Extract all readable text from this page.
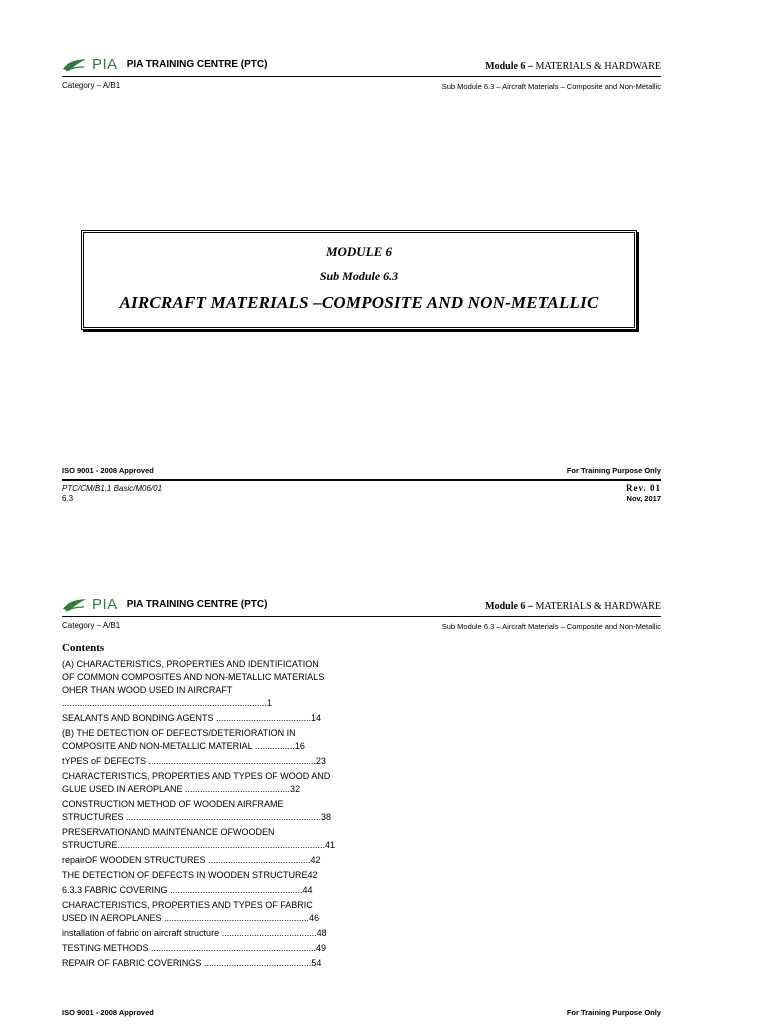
PIA PIA TRAINING CENTRE (PTC)	Module 6 – MATERIALS & HARDWARE
Category – A/B1	Sub Module 6.3 – Aircraft Materials – Composite and Non-Metallic
MODULE 6
Sub Module 6.3
AIRCRAFT MATERIALS –COMPOSITE AND NON-METALLIC
ISO 9001 - 2008 Approved	For Training Purpose Only
PTC/CM/B1.1 Basic/M06/01
6.3
Rev. 01
Nov, 2017
PIA PIA TRAINING CENTRE (PTC)	Module 6 – MATERIALS & HARDWARE
Category – A/B1	Sub Module 6.3 – Aircraft Materials – Composite and Non-Metallic
Contents
(A) CHARACTERISTICS, PROPERTIES AND IDENTIFICATION OF COMMON COMPOSITES AND NON-METALLIC MATERIALS OHER THAN WOOD USED IN AIRCRAFT ..................................................................................1
SEALANTS AND BONDING AGENTS ......................................14
(B) THE DETECTION OF DEFECTS/DETERIORATION IN COMPOSITE AND NON-METALLIC MATERIAL ................16
tYPES oF DEFECTS ...................................................................23
CHARACTERISTICS, PROPERTIES AND TYPES OF WOOD AND GLUE USED IN AEROPLANE ..........................................32
CONSTRUCTION METHOD OF WOODEN AIRFRAME STRUCTURES ..............................................................................38
PRESERVATIONAND MAINTENANCE OFWOODEN STRUCTURE...................................................................................41
repairOF WOODEN STRUCTURES .........................................42
THE DETECTION OF DEFECTS IN WOODEN STRUCTURE42
6.3.3 FABRIC COVERING .....................................................44
CHARACTERISTICS, PROPERTIES AND TYPES OF FABRIC USED IN AEROPLANES ..........................................................46
installation of fabric on aircraft structure ......................................48
TESTING METHODS ..................................................................49
REPAIR OF FABRIC COVERINGS ...........................................54
ISO 9001 - 2008 Approved	For Training Purpose Only
